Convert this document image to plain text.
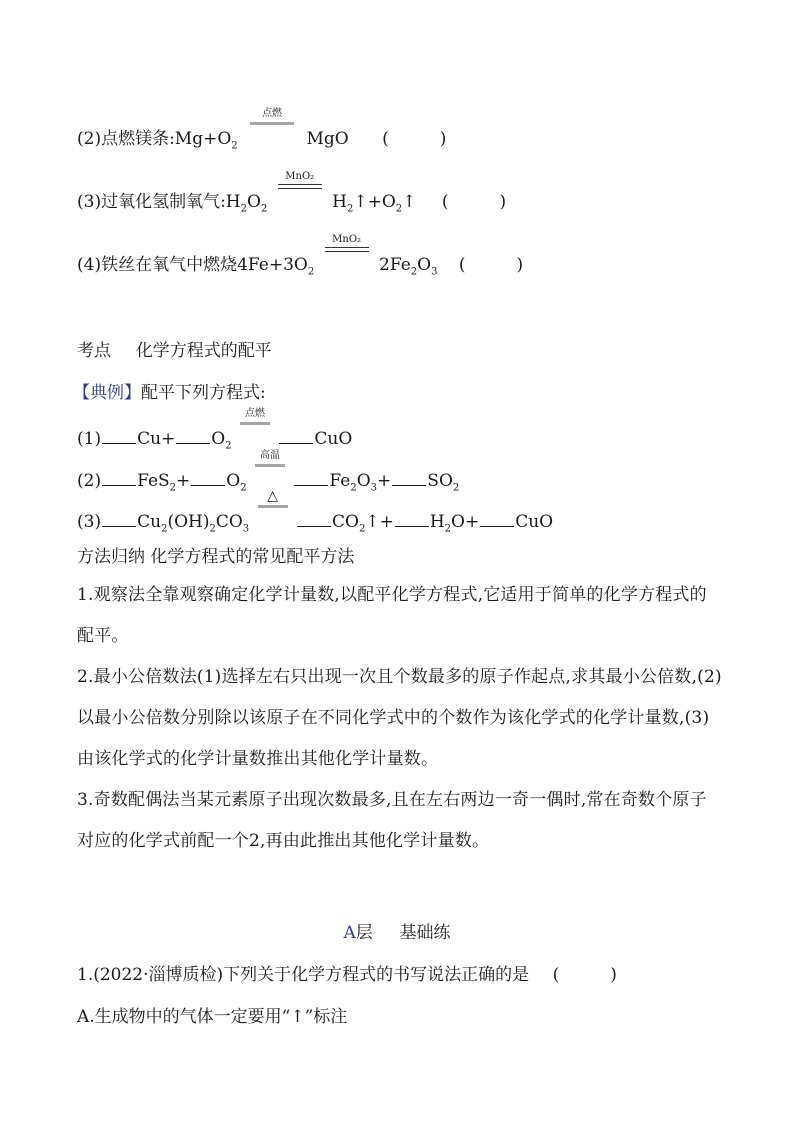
(2)点燃镁条$:Mg+O_2$
点燃
MgO (　　　)
(3)过氧化氢制氧气$:H_2O_2$
MnO₂
$H_2↑+O_2↑$ (　　　)
(4)铁丝在氧气中燃烧$4Fe+3O_2$
MnO₂
$2Fe_2O_3$ (　　　)
考点 化学方程式的配平
【典例】配平下列方程式:
(1) $Cu+ O_2$
点燃
CuO
(2) $FeS_2+ O_2$
高温
$Fe_2O_3+ SO_2$
(3) $Cu_2(OH)_2CO_3$
△
$CO_2↑+ H_2O+$ CuO
方法归纳 化学方程式的常见配平方法
1.观察法全靠观察确定化学计量数,以配平化学方程式,它适用于简单的化学方程式的配平。
2.最小公倍数法(1)选择左右只出现一次且个数最多的原子作起点,求其最小公倍数,(2)以最小公倍数分别除以该原子在不同化学式中的个数作为该化学式的化学计量数,(3)由该化学式的化学计量数推出其他化学计量数。
3.奇数配偶法当某元素原子出现次数最多,且在左右两边一奇一偶时,常在奇数个原子对应的化学式前配一个2,再由此推出其他化学计量数。
A层 基础练
1.(2022·淄博质检)下列关于化学方程式的书写说法正确的是 (　　　)
A.生成物中的气体一定要用“↑”标注
